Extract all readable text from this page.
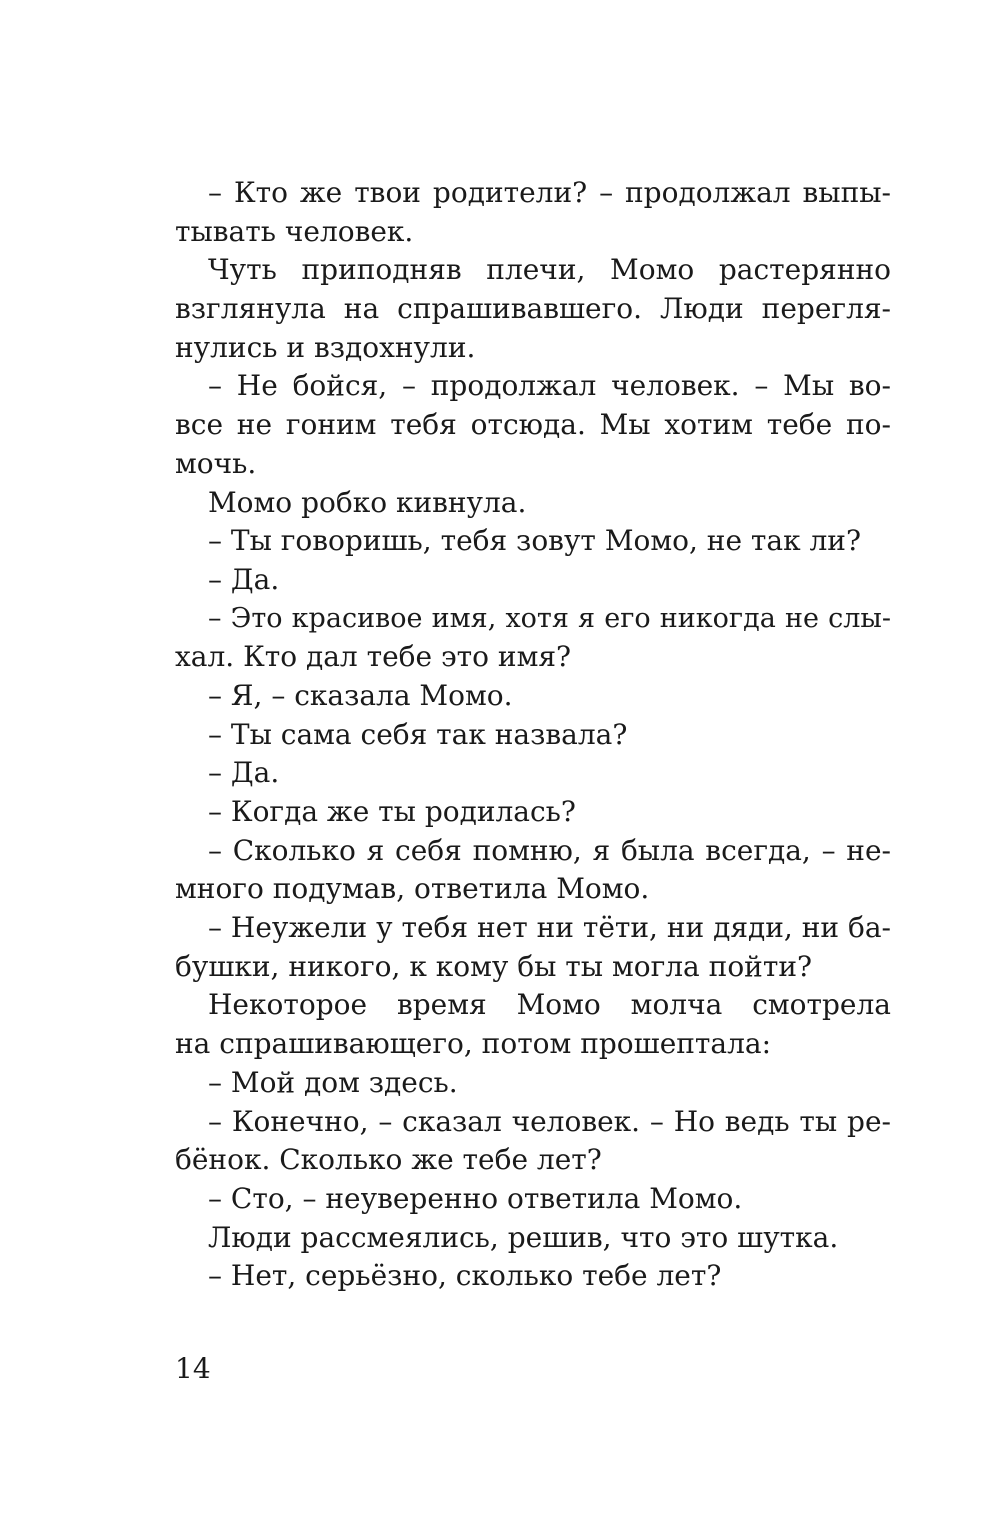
– Кто же твои родители? – продолжал выпы-
тывать человек.
Чуть приподняв плечи, Момо растерянно
взглянула на спрашивавшего. Люди перегля-
нулись и вздохнули.
– Не бойся, – продолжал человек. – Мы во-
все не гоним тебя отсюда. Мы хотим тебе по-
мочь.
Момо робко кивнула.
– Ты говоришь, тебя зовут Момо, не так ли?
– Да.
– Это красивое имя, хотя я его никогда не слы-
хал. Кто дал тебе это имя?
– Я, – сказала Момо.
– Ты сама себя так назвала?
– Да.
– Когда же ты родилась?
– Сколько я себя помню, я была всегда, – не-
много подумав, ответила Момо.
– Неужели у тебя нет ни тёти, ни дяди, ни ба-
бушки, никого, к кому бы ты могла пойти?
Некоторое время Момо молча смотрела
на спрашивающего, потом прошептала:
– Мой дом здесь.
– Конечно, – сказал человек. – Но ведь ты ре-
бёнок. Сколько же тебе лет?
– Сто, – неуверенно ответила Момо.
Люди рассмеялись, решив, что это шутка.
– Нет, серьёзно, сколько тебе лет?
14
